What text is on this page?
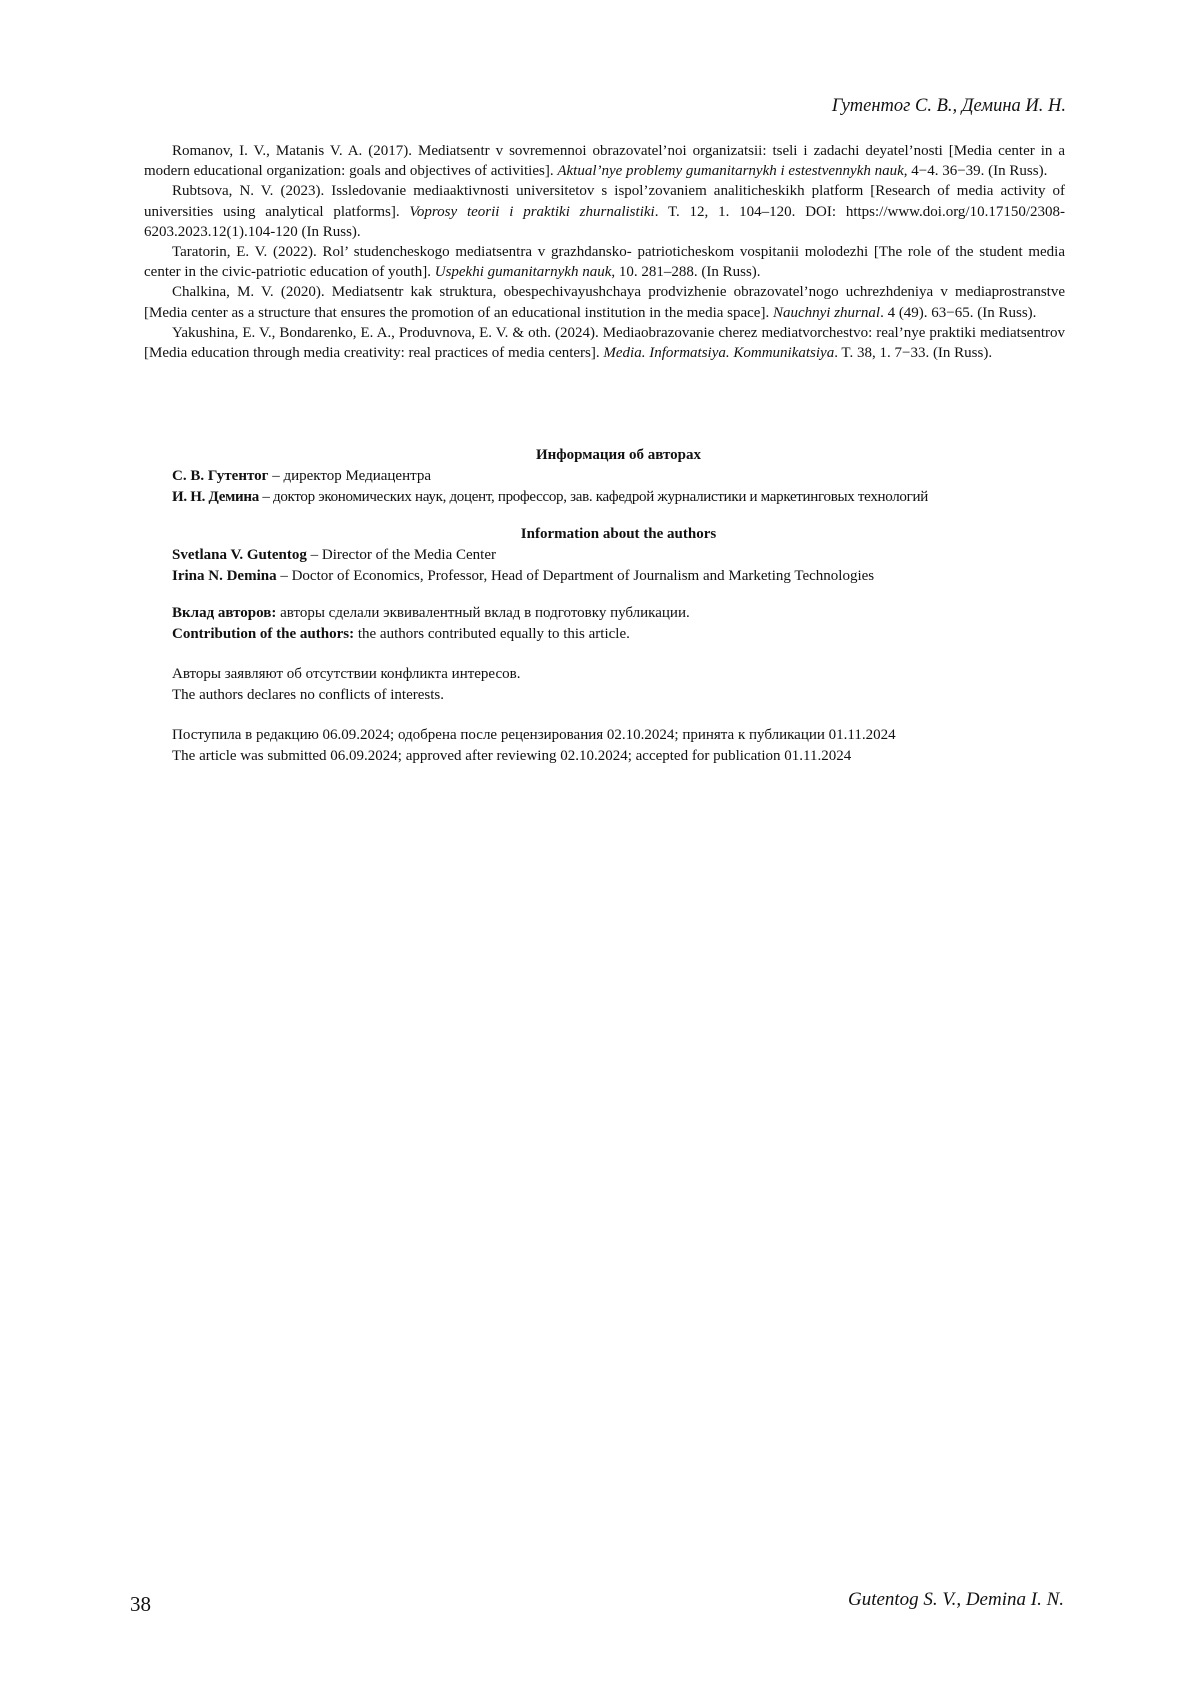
Гутентог С. В., Демина И. Н.

Romanov, I. V., Matanis V. A. (2017). Mediatsentr v sovremennoi obrazovatel’noi organizatsii: tseli i zadachi deyatel’nosti [Media center in a modern educational organization: goals and objectives of activities]. Aktual’nye problemy gumanitarnykh i estestvennykh nauk, 4−4. 36−39. (In Russ).

Rubtsova, N. V. (2023). Issledovanie mediaaktivnosti universitetov s ispol’zovaniem analiticheskikh platform [Research of media activity of universities using analytical platforms]. Voprosy teorii i praktiki zhurnalistiki. T. 12, 1. 104–120. DOI: https://www.doi.org/10.17150/2308-6203.2023.12(1).104-120 (In Russ).

Taratorin, E. V. (2022). Rol’ studencheskogo mediatsentra v grazhdansko- patrioticheskom vospitanii molodezhi [The role of the student media center in the civic-patriotic education of youth]. Uspekhi gumanitarnykh nauk, 10. 281–288. (In Russ).

Chalkina, M. V. (2020). Mediatsentr kak struktura, obespechivayushchaya prodvizhenie obrazovatel’nogo uchrezhdeniya v mediaprostranstve [Media center as a structure that ensures the promotion of an educational institution in the media space]. Nauchnyi zhurnal. 4 (49). 63−65. (In Russ).

Yakushina, E. V., Bondarenko, E. A., Produvnova, E. V. & oth. (2024). Mediaobrazovanie cherez mediatvorchestvo: real’nye praktiki mediatsentrov [Media education through media creativity: real practices of media centers]. Media. Informatsiya. Kommunikatsiya. T. 38, 1. 7−33. (In Russ).

Информация об авторах

С. В. Гутентог – директор Медиацентра

И. Н. Демина – доктор экономических наук, доцент, профессор, зав. кафедрой журналистики и маркетинговых технологий

Information about the authors

Svetlana V. Gutentog – Director of the Media Center

Irina N. Demina – Doctor of Economics, Professor, Head of Department of Journalism and Marketing Technologies

Вклад авторов: авторы сделали эквивалентный вклад в подготовку публикации.

Contribution of the authors: the authors contributed equally to this article.

Авторы заявляют об отсутствии конфликта интересов.

The authors declares no conflicts of interests.

Поступила в редакцию 06.09.2024; одобрена после рецензирования 02.10.2024; принята к публикации 01.11.2024

The article was submitted 06.09.2024; approved after reviewing 02.10.2024; accepted for publication 01.11.2024

38	Gutentog S. V., Demina I. N.
